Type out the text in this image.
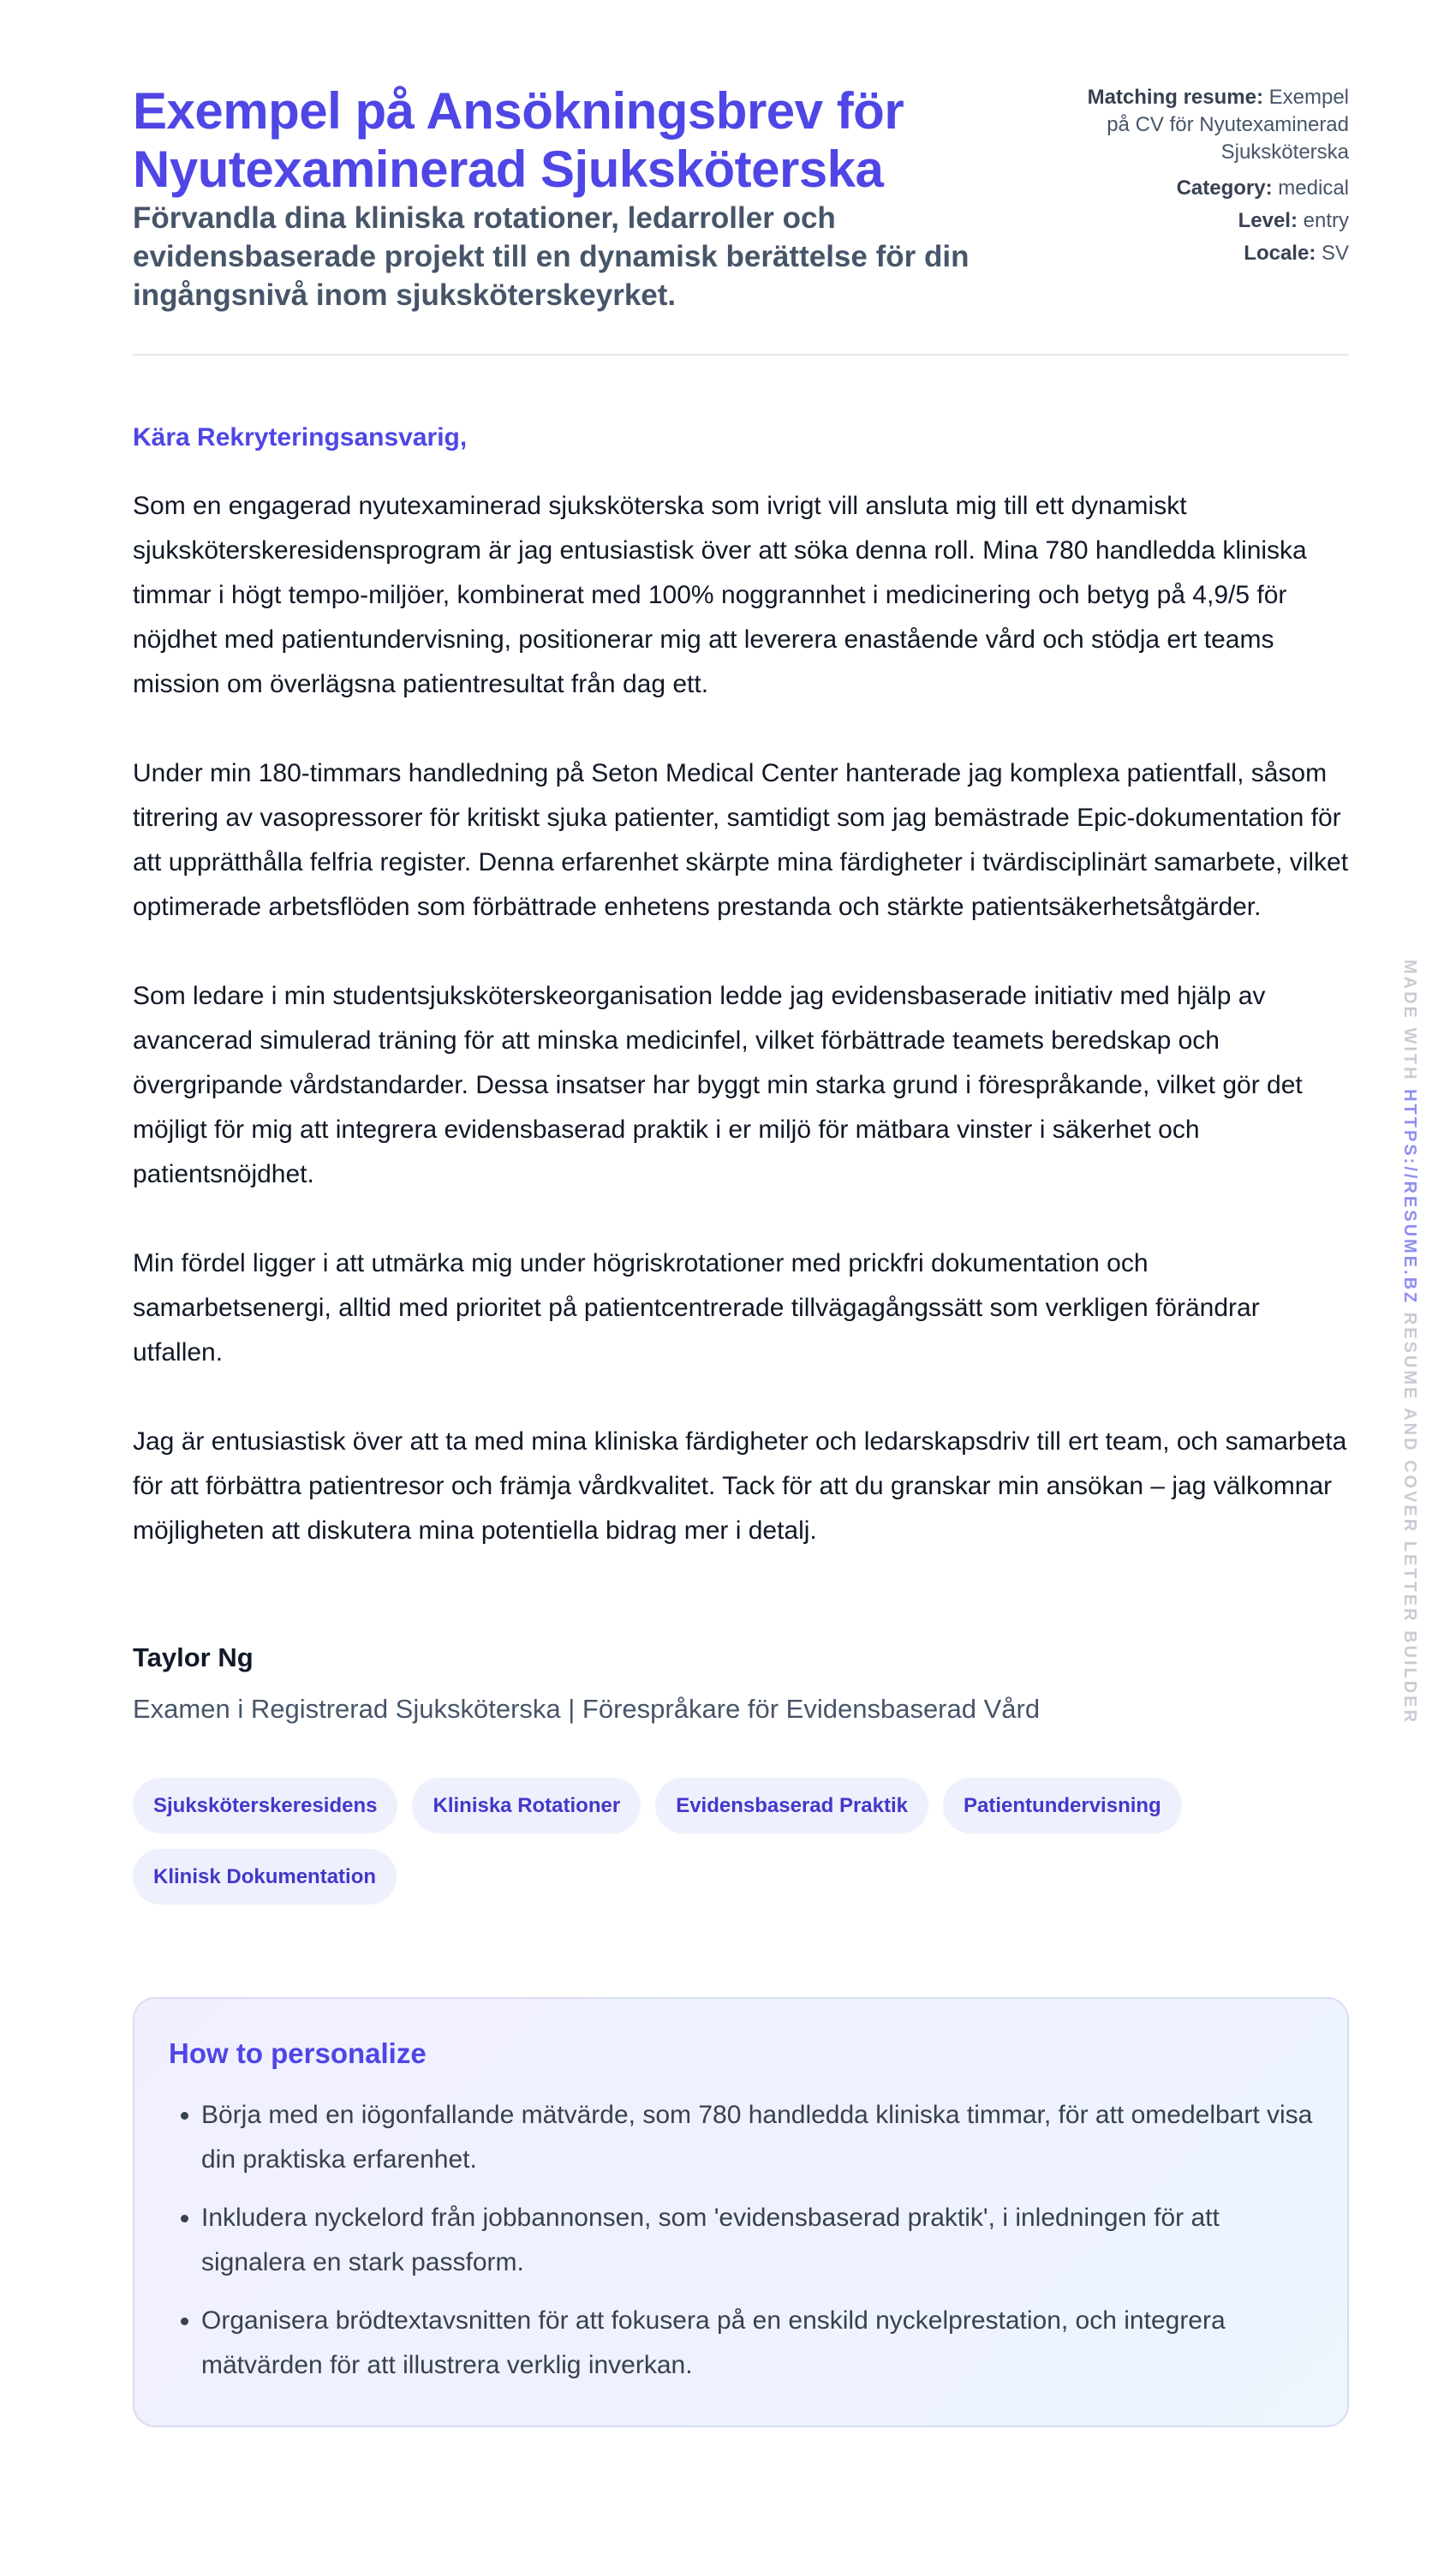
Exempel på Ansökningsbrev för Nyutexaminerad Sjuksköterska

Förvandla dina kliniska rotationer, ledarroller och evidensbaserade projekt till en dynamisk berättelse för din ingångsnivå inom sjuksköterskeyrket.

Matching resume: Exempel på CV för Nyutexaminerad Sjuksköterska
Category: medical
Level: entry
Locale: SV
Kära Rekryteringsansvarig,

Som en engagerad nyutexaminerad sjuksköterska som ivrigt vill ansluta mig till ett dynamiskt sjuksköterskeresidensprogram är jag entusiastisk över att söka denna roll. Mina 780 handledda kliniska timmar i högt tempo-miljöer, kombinerat med 100% noggrannhet i medicinering och betyg på 4,9/5 för nöjdhet med patientundervisning, positionerar mig att leverera enastående vård och stödja ert teams mission om överlägsna patientresultat från dag ett.

Under min 180-timmars handledning på Seton Medical Center hanterade jag komplexa patientfall, såsom titrering av vasopressorer för kritiskt sjuka patienter, samtidigt som jag bemästrade Epic-dokumentation för att upprätthålla felfria register. Denna erfarenhet skärpte mina färdigheter i tvärdisciplinärt samarbete, vilket optimerade arbetsflöden som förbättrade enhetens prestanda och stärkte patientsäkerhetsåtgärder.

Som ledare i min studentsjuksköterskeorganisation ledde jag evidensbaserade initiativ med hjälp av avancerad simulerad träning för att minska medicinfel, vilket förbättrade teamets beredskap och övergripande vårdstandarder. Dessa insatser har byggt min starka grund i förespråkande, vilket gör det möjligt för mig att integrera evidensbaserad praktik i er miljö för mätbara vinster i säkerhet och patientsnöjdhet.

Min fördel ligger i att utmärka mig under högriskrotationer med prickfri dokumentation och samarbetsenergi, alltid med prioritet på patientcentrerade tillvägagångssätt som verkligen förändrar utfallen.

Jag är entusiastisk över att ta med mina kliniska färdigheter och ledarskapsdriv till ert team, och samarbeta för att förbättra patientresor och främja vårdkvalitet. Tack för att du granskar min ansökan – jag välkomnar möjligheten att diskutera mina potentiella bidrag mer i detalj.

Taylor Ng
Examen i Registrerad Sjuksköterska | Förespråkare för Evidensbaserad Vård
Sjuksköterskeresidens	Kliniska Rotationer	Evidensbaserad Praktik	Patientundervisning
Klinisk Dokumentation
How to personalize
• Börja med en iögonfallande mätvärde, som 780 handledda kliniska timmar, för att omedelbart visa din praktiska erfarenhet.
• Inkludera nyckelord från jobbannonsen, som 'evidensbaserad praktik', i inledningen för att signalera en stark passform.
• Organisera brödtextavsnitten för att fokusera på en enskild nyckelprestation, och integrera mätvärden för att illustrera verklig inverkan.
MADE WITH HTTPS://RESUME.BZ RESUME AND COVER LETTER BUILDER
